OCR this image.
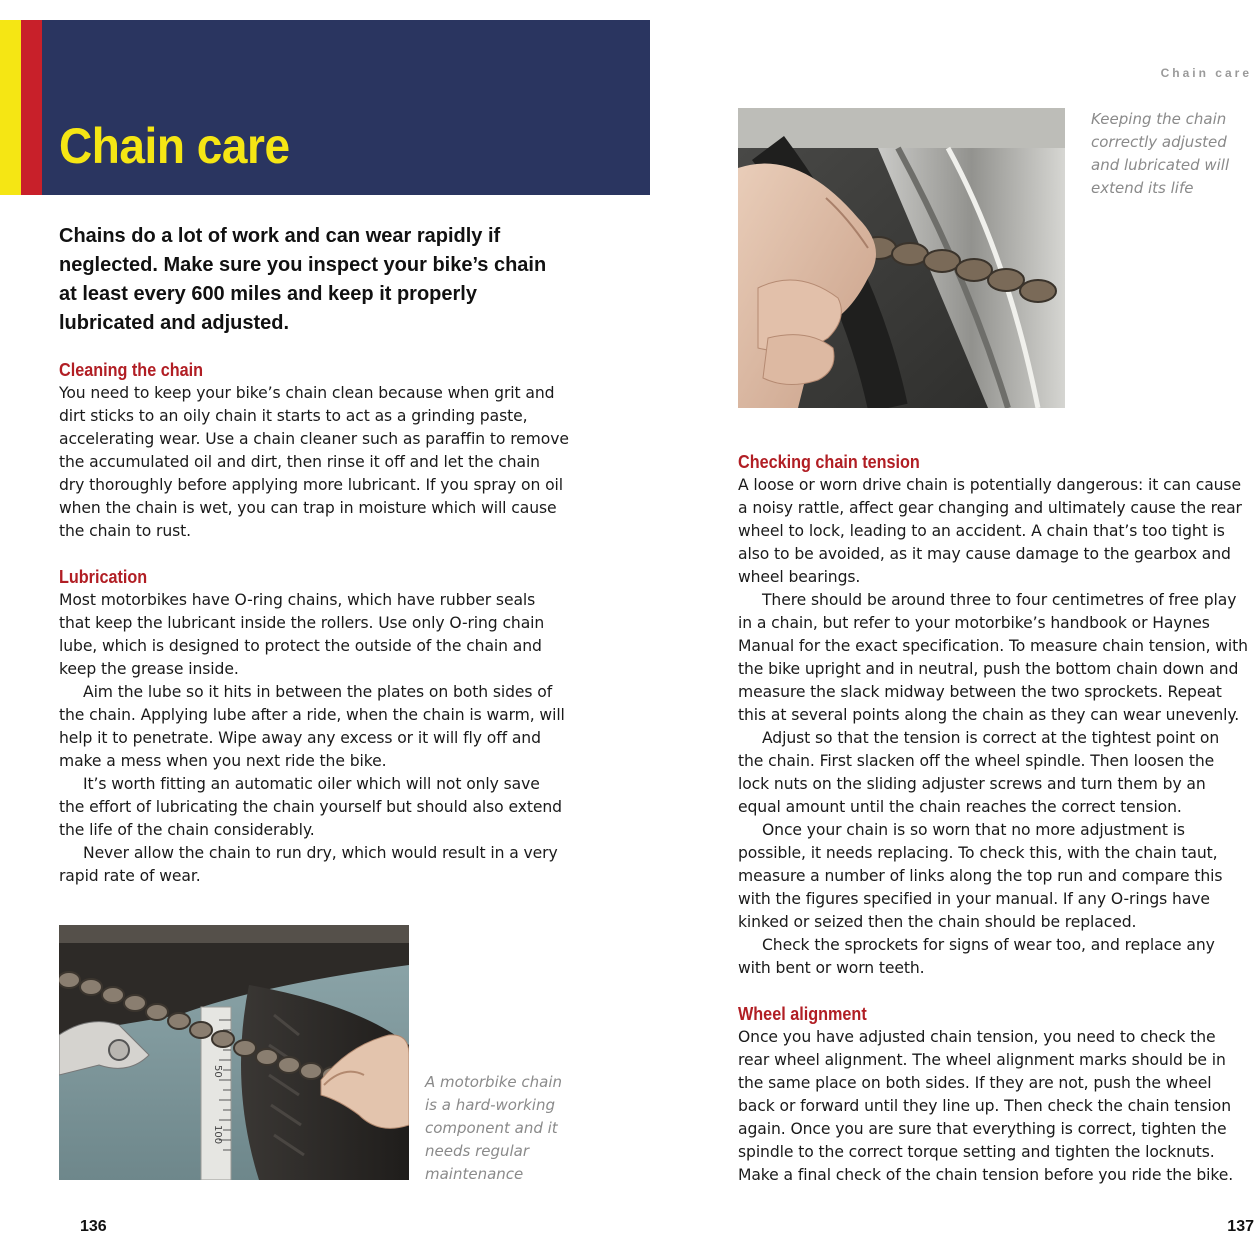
Chain care
Chain care

Chains do a lot of work and can wear rapidly if neglected. Make sure you inspect your bike’s chain at least every 600 miles and keep it properly lubricated and adjusted.

Cleaning the chain

You need to keep your bike’s chain clean because when grit and dirt sticks to an oily chain it starts to act as a grinding paste, accelerating wear. Use a chain cleaner such as paraffin to remove the accumulated oil and dirt, then rinse it off and let the chain dry thoroughly before applying more lubricant. If you spray on oil when the chain is wet, you can trap in moisture which will cause the chain to rust.

Lubrication

Most motorbikes have O-ring chains, which have rubber seals that keep the lubricant inside the rollers. Use only O-ring chain lube, which is designed to protect the outside of the chain and keep the grease inside.

Aim the lube so it hits in between the plates on both sides of the chain. Applying lube after a ride, when the chain is warm, will help it to penetrate. Wipe away any excess or it will fly off and make a mess when you next ride the bike.

It’s worth fitting an automatic oiler which will not only save the effort of lubricating the chain yourself but should also extend the life of the chain considerably.

Never allow the chain to run dry, which would result in a very rapid rate of wear.

Keeping the chain correctly adjusted and lubricated will extend its life

Checking chain tension

A loose or worn drive chain is potentially dangerous: it can cause a noisy rattle, affect gear changing and ultimately cause the rear wheel to lock, leading to an accident. A chain that’s too tight is also to be avoided, as it may cause damage to the gearbox and wheel bearings.

There should be around three to four centimetres of free play in a chain, but refer to your motorbike’s handbook or Haynes Manual for the exact specification. To measure chain tension, with the bike upright and in neutral, push the bottom chain down and measure the slack midway between the two sprockets. Repeat this at several points along the chain as they can wear unevenly.

Adjust so that the tension is correct at the tightest point on the chain. First slacken off the wheel spindle. Then loosen the lock nuts on the sliding adjuster screws and turn them by an equal amount until the chain reaches the correct tension.

Once your chain is so worn that no more adjustment is possible, it needs replacing. To check this, with the chain taut, measure a number of links along the top run and compare this with the figures specified in your manual. If any O-rings have kinked or seized then the chain should be replaced.

Check the sprockets for signs of wear too, and replace any with bent or worn teeth.

Wheel alignment

Once you have adjusted chain tension, you need to check the rear wheel alignment. The wheel alignment marks should be in the same place on both sides. If they are not, push the wheel back or forward until they line up. Then check the chain tension again. Once you are sure that everything is correct, tighten the spindle to the correct torque setting and tighten the locknuts. Make a final check of the chain tension before you ride the bike.

50
100

A motorbike chain is a hard-working component and it needs regular maintenance

136	137
